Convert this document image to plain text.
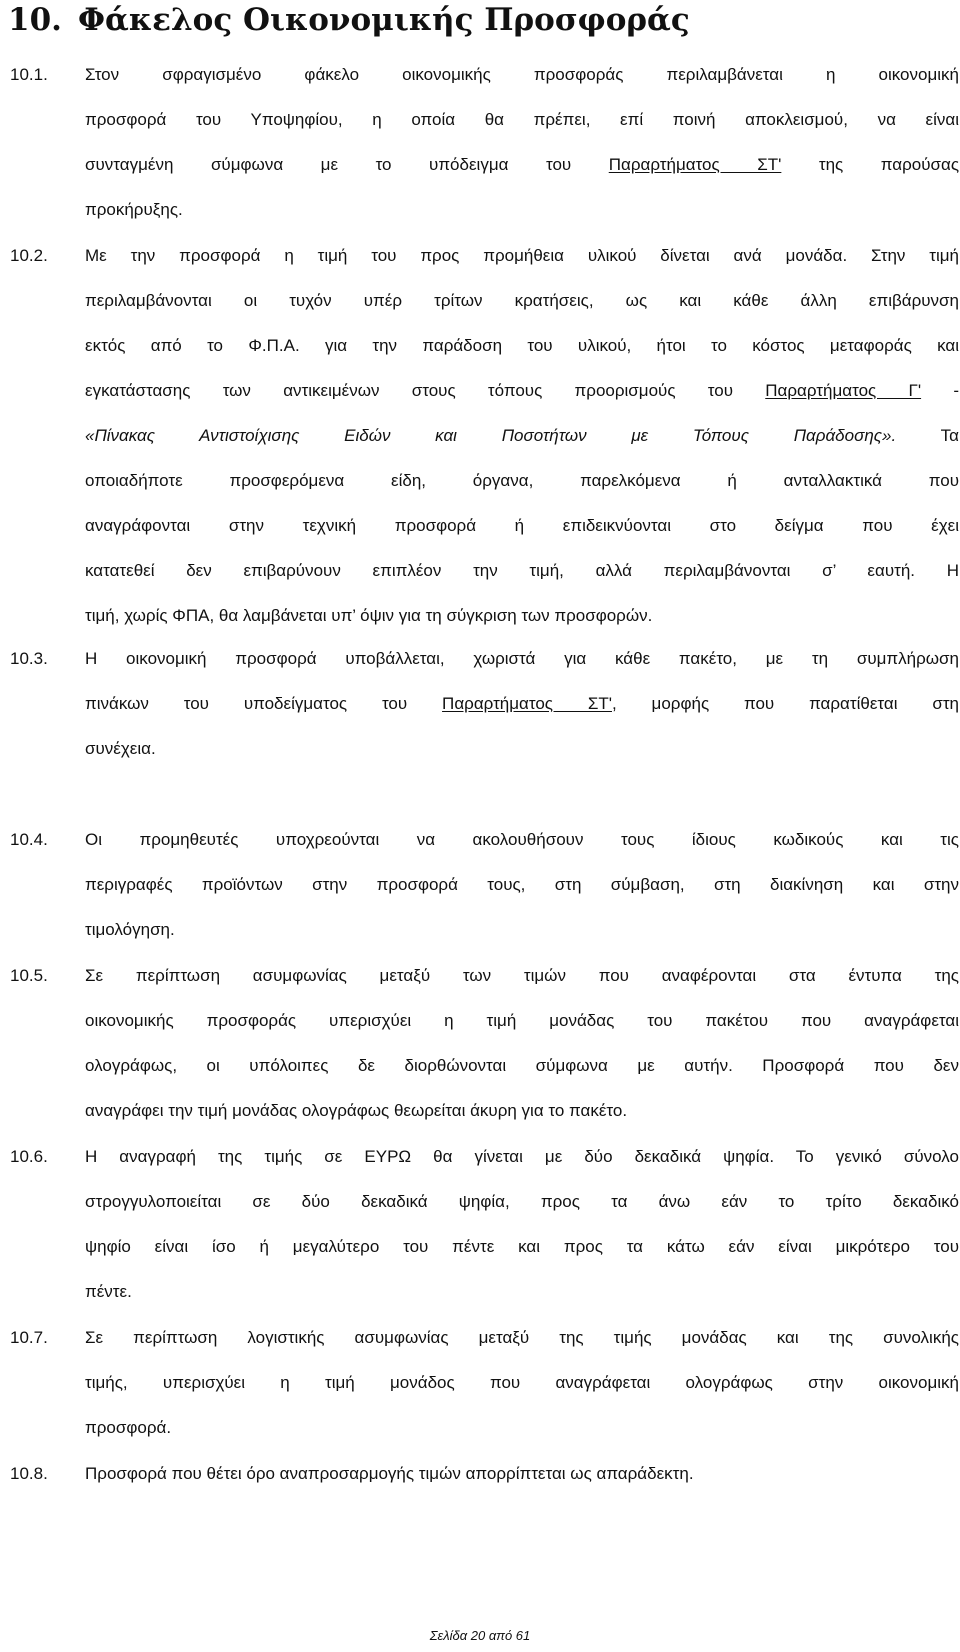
10. Φάκελος Οικονομικής Προσφοράς
10.1. Στον σφραγισμένο φάκελο οικονομικής προσφοράς περιλαμβάνεται η οικονομική
προσφορά του Υποψηφίου, η οποία θα πρέπει, επί ποινή αποκλεισμού, να είναι
συνταγμένη σύμφωνα με το υπόδειγμα του Παραρτήματος ΣΤ' της παρούσας
προκήρυξης.

10.2. Με την προσφορά η τιμή του προς προμήθεια υλικού δίνεται ανά μονάδα. Στην τιμή
περιλαμβάνονται οι τυχόν υπέρ τρίτων κρατήσεις, ως και κάθε άλλη επιβάρυνση
εκτός από το Φ.Π.Α. για την παράδοση του υλικού, ήτοι το κόστος μεταφοράς και
εγκατάστασης των αντικειμένων στους τόπους προορισμούς του Παραρτήματος Γ' -
«Πίνακας Αντιστοίχισης Ειδών και Ποσοτήτων με Τόπους Παράδοσης». Τα
οποιαδήποτε προσφερόμενα είδη, όργανα, παρελκόμενα ή ανταλλακτικά που
αναγράφονται στην τεχνική προσφορά ή επιδεικνύονται στο δείγμα που έχει
κατατεθεί δεν επιβαρύνουν επιπλέον την τιμή, αλλά περιλαμβάνονται σ’ εαυτή. Η
τιμή, χωρίς ΦΠΑ, θα λαμβάνεται υπ’ όψιν για τη σύγκριση των προσφορών.

10.3. Η οικονομική προσφορά υποβάλλεται, χωριστά για κάθε πακέτο, με τη συμπλήρωση
πινάκων του υποδείγματος του Παραρτήματος ΣΤ', μορφής που παρατίθεται στη
συνέχεια.

10.4. Οι προμηθευτές υποχρεούνται να ακολουθήσουν τους ίδιους κωδικούς και τις
περιγραφές προϊόντων στην προσφορά τους, στη σύμβαση, στη διακίνηση και στην
τιμολόγηση.

10.5. Σε περίπτωση ασυμφωνίας μεταξύ των τιμών που αναφέρονται στα έντυπα της
οικονομικής προσφοράς υπερισχύει η τιμή μονάδας του πακέτου που αναγράφεται
ολογράφως, οι υπόλοιπες δε διορθώνονται σύμφωνα με αυτήν. Προσφορά που δεν
αναγράφει την τιμή μονάδας ολογράφως θεωρείται άκυρη για το πακέτο.

10.6. Η αναγραφή της τιμής σε ΕΥΡΩ θα γίνεται με δύο δεκαδικά ψηφία. Το γενικό σύνολο
στρογγυλοποιείται σε δύο δεκαδικά ψηφία, προς τα άνω εάν το τρίτο δεκαδικό
ψηφίο είναι ίσο ή μεγαλύτερο του πέντε και προς τα κάτω εάν είναι μικρότερο του
πέντε.

10.7. Σε περίπτωση λογιστικής ασυμφωνίας μεταξύ της τιμής μονάδας και της συνολικής
τιμής, υπερισχύει η τιμή μονάδος που αναγράφεται ολογράφως στην οικονομική
προσφορά.

10.8. Προσφορά που θέτει όρο αναπροσαρμογής τιμών απορρίπτεται ως απαράδεκτη.

Σελίδα 20 από 61
